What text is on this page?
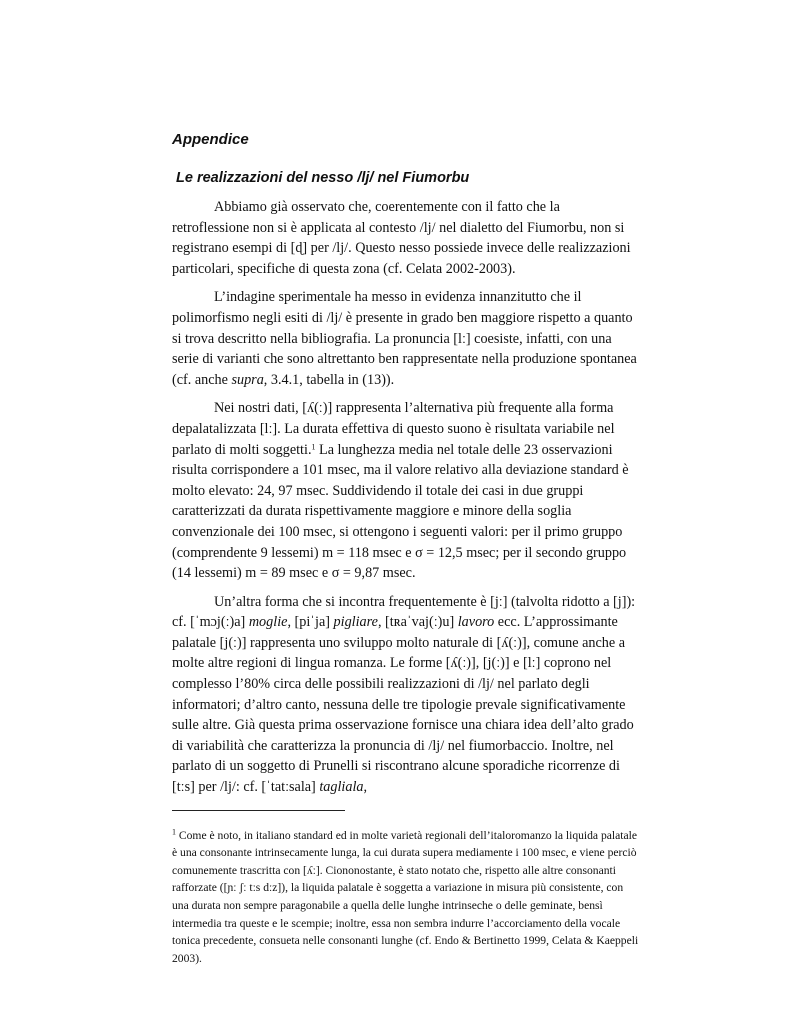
Appendice
Le realizzazioni del nesso /lj/ nel Fiumorbu

Abbiamo già osservato che, coerentemente con il fatto che la retroflessione non si è applicata al contesto /lj/ nel dialetto del Fiumorbu, non si registrano esempi di [ɖ] per /lj/. Questo nesso possiede invece delle realizzazioni particolari, specifiche di questa zona (cf. Celata 2002-2003).

L’indagine sperimentale ha messo in evidenza innanzitutto che il polimorfismo negli esiti di /lj/ è presente in grado ben maggiore rispetto a quanto si trova descritto nella bibliografia. La pronuncia [lː] coesiste, infatti, con una serie di varianti che sono altrettanto ben rappresentate nella produzione spontanea (cf. anche supra, 3.4.1, tabella in (13)).

Nei nostri dati, [ʎ(ː)] rappresenta l’alternativa più frequente alla forma depalatalizzata [lː]. La durata effettiva di questo suono è risultata variabile nel parlato di molti soggetti.$^1$ La lunghezza media nel totale delle 23 osservazioni risulta corrispondere a 101 msec, ma il valore relativo alla deviazione standard è molto elevato: 24, 97 msec. Suddividendo il totale dei casi in due gruppi caratterizzati da durata rispettivamente maggiore e minore della soglia convenzionale dei 100 msec, si ottengono i seguenti valori: per il primo gruppo (comprendente 9 lessemi) m = 118 msec e σ = 12,5 msec; per il secondo gruppo (14 lessemi) m = 89 msec e σ = 9,87 msec.

Un’altra forma che si incontra frequentemente è [jː] (talvolta ridotto a [j]): cf. [ˈmɔj(ː)a] moglie, [piˈja] pigliare, [tʀaˈvaj(ː)u] lavoro ecc. L’approssimante palatale [j(ː)] rappresenta uno sviluppo molto naturale di [ʎ(ː)], comune anche a molte altre regioni di lingua romanza. Le forme [ʎ(ː)], [j(ː)] e [lː] coprono nel complesso l’80% circa delle possibili realizzazioni di /lj/ nel parlato degli informatori; d’altro canto, nessuna delle tre tipologie prevale significativamente sulle altre. Già questa prima osservazione fornisce una chiara idea dell’alto grado di variabilità che caratterizza la pronuncia di /lj/ nel fiumorbaccio. Inoltre, nel parlato di un soggetto di Prunelli si riscontrano alcune sporadiche ricorrenze di [tːs] per /lj/: cf. [ˈtatːsala] tagliala,

$^1$ Come è noto, in italiano standard ed in molte varietà regionali dell’italoromanzo la liquida palatale è una consonante intrinsecamente lunga, la cui durata supera mediamente i 100 msec, e viene perciò comunemente trascritta con [ʎː]. Ciononostante, è stato notato che, rispetto alle altre consonanti rafforzate ([ɲː ʃː tːs dːz]), la liquida palatale è soggetta a variazione in misura più consistente, con una durata non sempre paragonabile a quella delle lunghe intrinseche o delle geminate, bensì intermedia tra queste e le scempie; inoltre, essa non sembra indurre l’accorciamento della vocale tonica precedente, consueta nelle consonanti lunghe (cf. Endo & Bertinetto 1999, Celata & Kaeppeli 2003).
